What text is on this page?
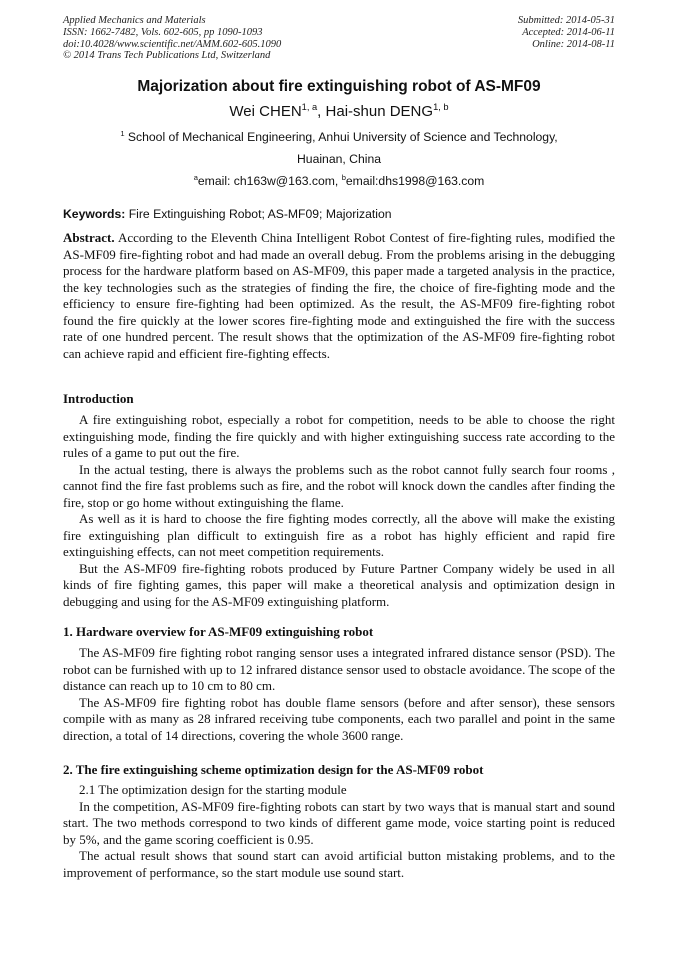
Applied Mechanics and Materials
ISSN: 1662-7482, Vols. 602-605, pp 1090-1093
doi:10.4028/www.scientific.net/AMM.602-605.1090
© 2014 Trans Tech Publications Ltd, Switzerland
Submitted: 2014-05-31
Accepted: 2014-06-11
Online: 2014-08-11
Majorization about fire extinguishing robot of AS-MF09
Wei CHEN$^{1, a}$, Hai-shun DENG$^{1, b}$
$^1$ School of Mechanical Engineering, Anhui University of Science and Technology,
Huainan, China
$^a$email: ch163w@163.com, $^b$email:dhs1998@163.com
Keywords: Fire Extinguishing Robot; AS-MF09; Majorization
Abstract. According to the Eleventh China Intelligent Robot Contest of fire-fighting rules, modified the AS-MF09 fire-fighting robot and had made an overall debug. From the problems arising in the debugging process for the hardware platform based on AS-MF09, this paper made a targeted analysis in the practice, the key technologies such as the strategies of finding the fire, the choice of fire-fighting mode and the efficiency to ensure fire-fighting had been optimized. As the result, the AS-MF09 fire-fighting robot found the fire quickly at the lower scores fire-fighting mode and extinguished the fire with the success rate of one hundred percent. The result shows that the optimization of the AS-MF09 fire-fighting robot can achieve rapid and efficient fire-fighting effects.
Introduction

A fire extinguishing robot, especially a robot for competition, needs to be able to choose the right extinguishing mode, finding the fire quickly and with higher extinguishing success rate according to the rules of a game to put out the fire.

In the actual testing, there is always the problems such as the robot cannot fully search four rooms , cannot find the fire fast problems such as fire, and the robot will knock down the candles after finding the fire, stop or go home without extinguishing the flame.

As well as it is hard to choose the fire fighting modes correctly, all the above will make the existing fire extinguishing plan difficult to extinguish fire as a robot has highly efficient and rapid fire extinguishing effects, can not meet competition requirements.

But the AS-MF09 fire-fighting robots produced by Future Partner Company widely be used in all kinds of fire fighting games, this paper will make a theoretical analysis and optimization design in debugging and using for the AS-MF09 extinguishing platform.

1. Hardware overview for AS-MF09 extinguishing robot

The AS-MF09 fire fighting robot ranging sensor uses a integrated infrared distance sensor (PSD). The robot can be furnished with up to 12 infrared distance sensor used to obstacle avoidance. The scope of the distance can reach up to 10 cm to 80 cm.

The AS-MF09 fire fighting robot has double flame sensors (before and after sensor), these sensors compile with as many as 28 infrared receiving tube components, each two parallel and point in the same direction, a total of 14 directions, covering the whole 3600 range.

2. The fire extinguishing scheme optimization design for the AS-MF09 robot

2.1 The optimization design for the starting module

In the competition, AS-MF09 fire-fighting robots can start by two ways that is manual start and sound start. The two methods correspond to two kinds of different game mode, voice starting point is reduced by 5%, and the game scoring coefficient is 0.95.

The actual result shows that sound start can avoid artificial button mistaking problems, and to the improvement of performance, so the start module use sound start.
